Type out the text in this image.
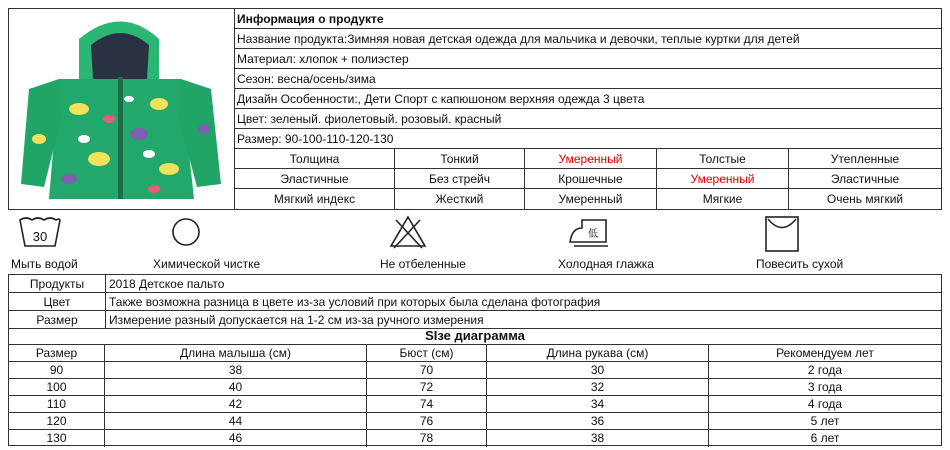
Информация о продукте
Название продукта:Зимняя новая детская одежда для мальчика и девочки, теплые куртки для детей
Материал: хлопок + полиэстер
Сезон: весна/осень/зима
Дизайн Особенности:, Дети Спорт с капюшоном верхняя одежда 3 цвета
Цвет: зеленый. фиолетовый. розовый. красный
Размер: 90-100-110-120-130
Толщина	Тонкий	Умеренный	Толстые	Утепленные
Эластичные	Без стрейч	Крошечные	Умеренный	Эластичные
Мягкий индекс	Жесткий	Умеренный	Мягкие	Очень мягкий
30
Мыть водой	Химической чистке	Не отбеленные
低
Холодная глажка	Повесить сухой
Продукты	2018 Детское пальто
Цвет	Также возможна разница в цвете из-за условий при которых была сделана фотография
Размер	Измерение разный допускается на 1-2 см из-за ручного измерения
SIзе диаграмма
Размер	Длина малыша (см)	Бюст (см)	Длина рукава (см)	Рекомендуем лет
90	38	70	30	2 года
100	40	72	32	3 года
110	42	74	34	4 года
120	44	76	36	5 лет
130	46	78	38	6 лет
